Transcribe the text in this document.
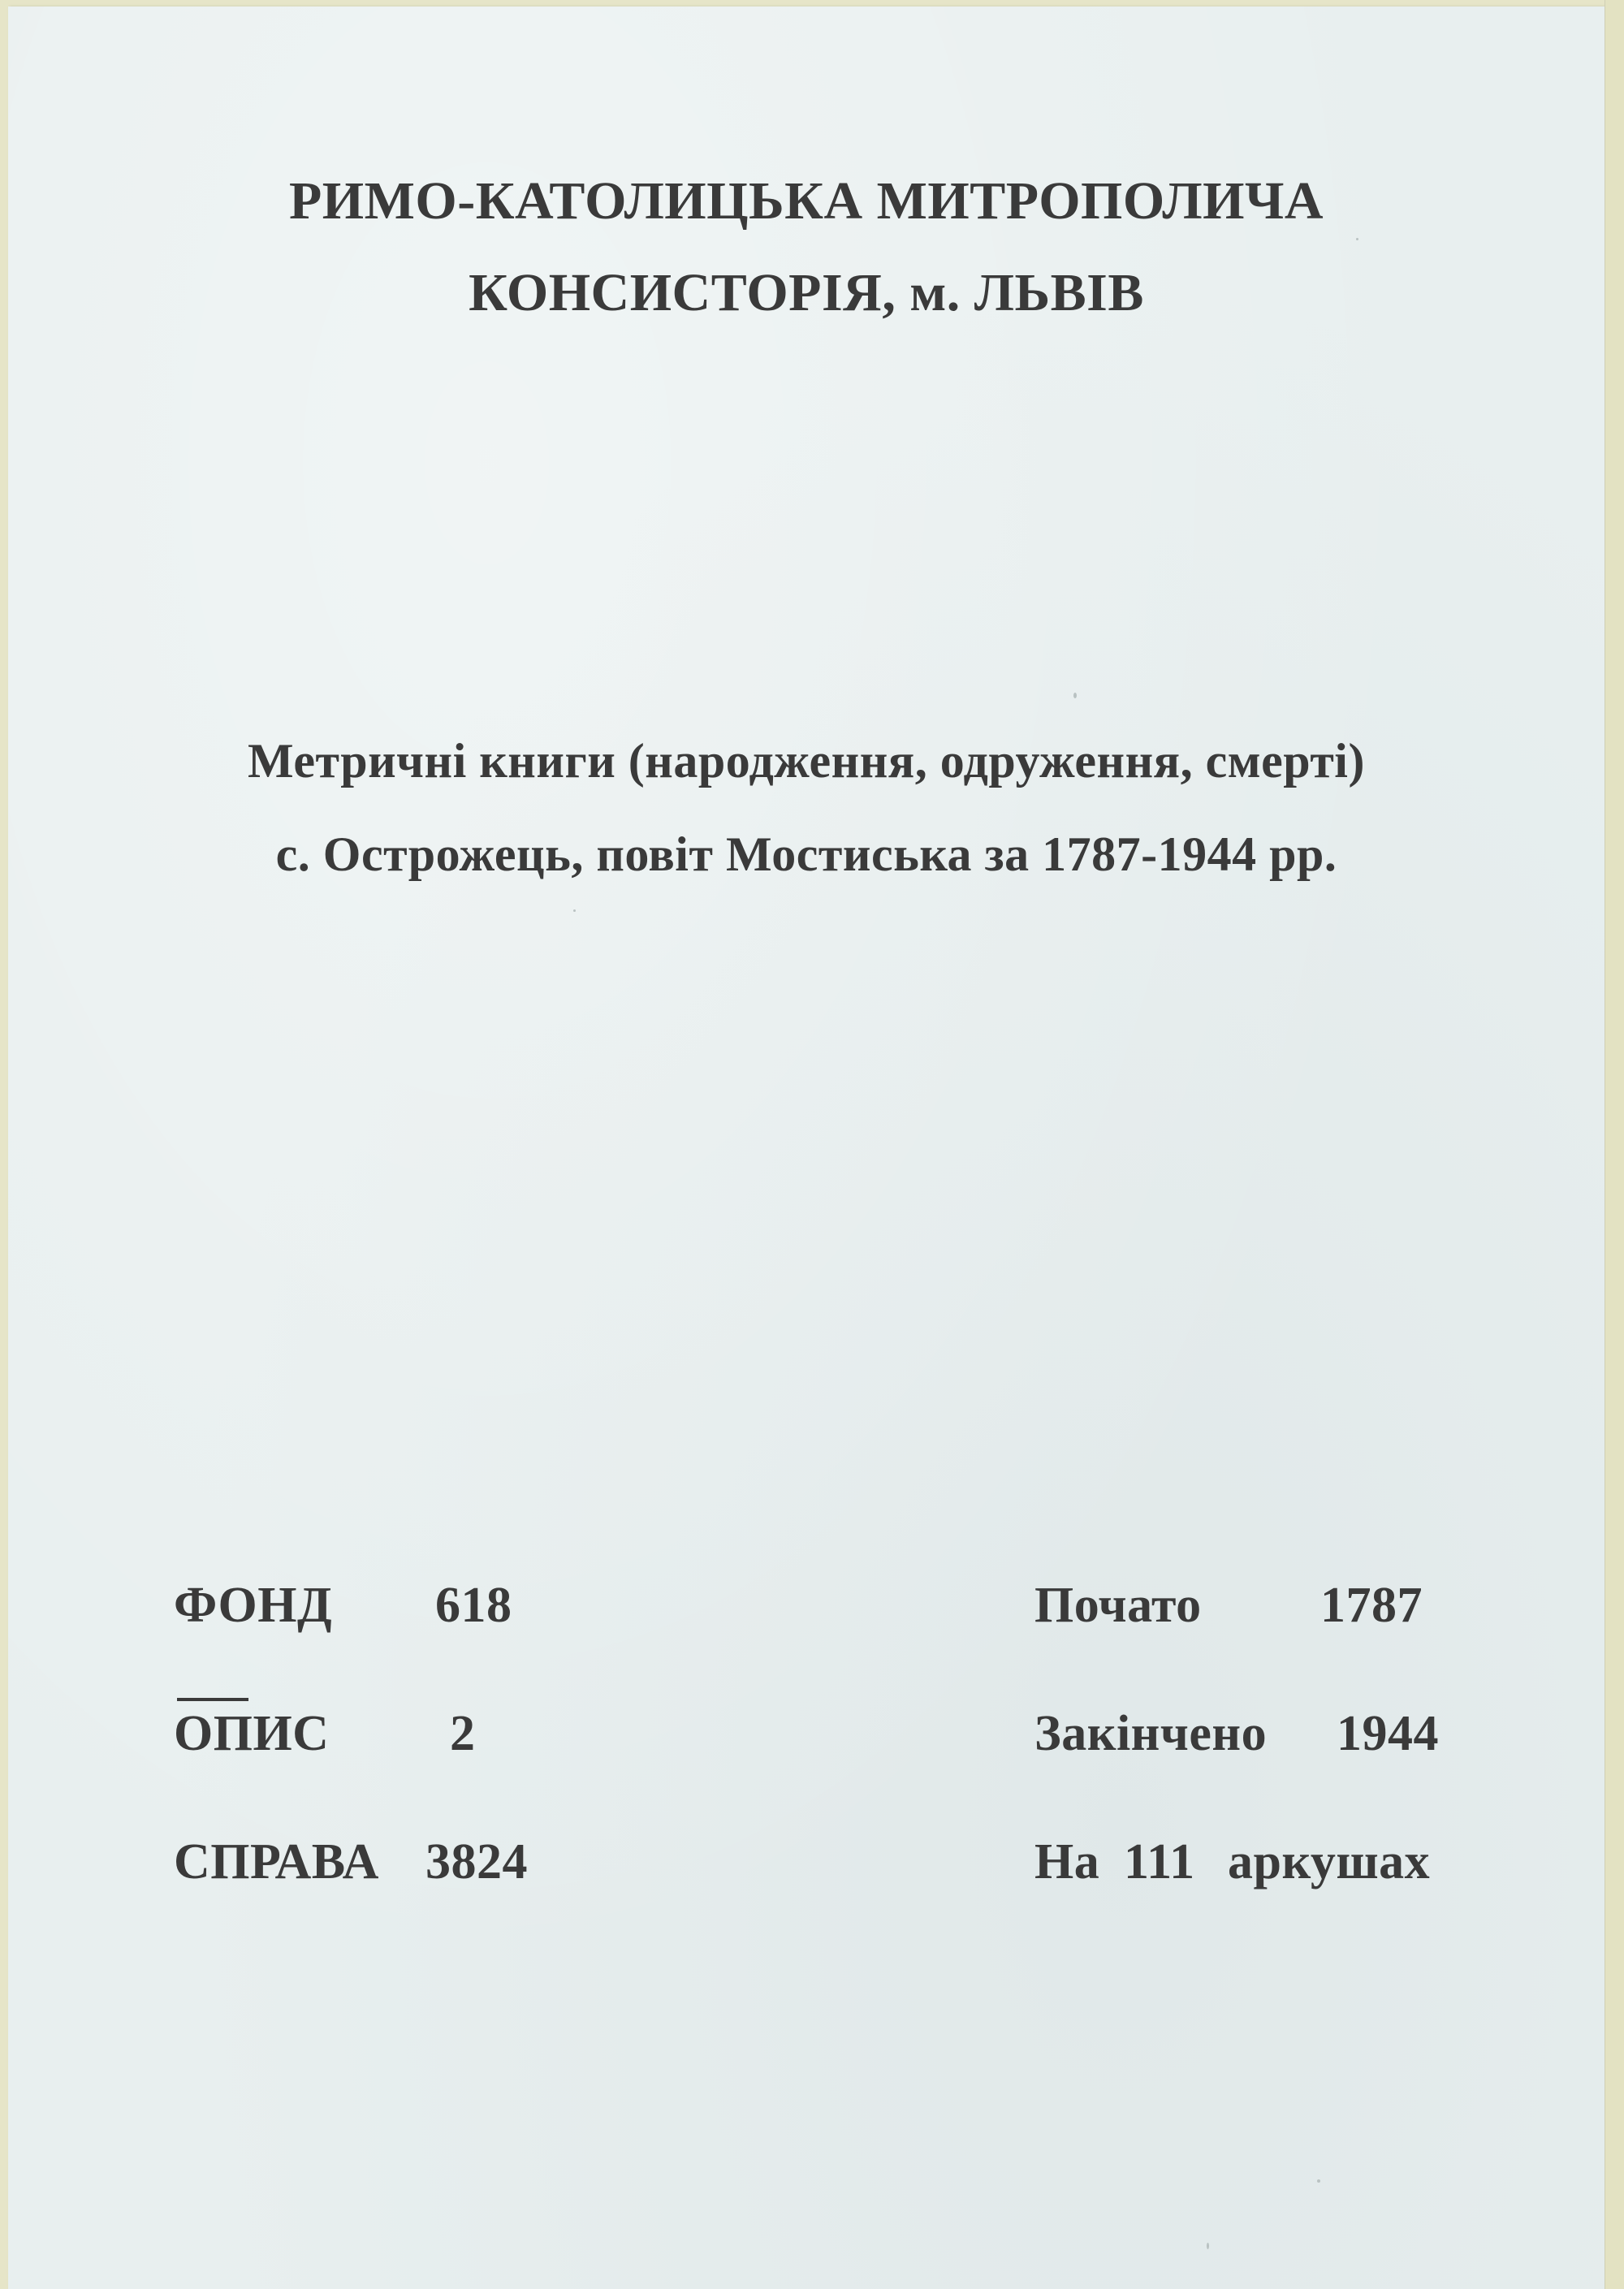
РИМО-КАТОЛИЦЬКА МИТРОПОЛИЧА
КОНСИСТОРІЯ, м. ЛЬВІВ
Метричні книги (народження, одруження, смерті)
с. Острожець, повіт Мостиська за 1787-1944 рр.
ФОНД 618
ОПИС 2
СПРАВА 3824
Почато 1787
Закінчено 1944
На 111 аркушах
